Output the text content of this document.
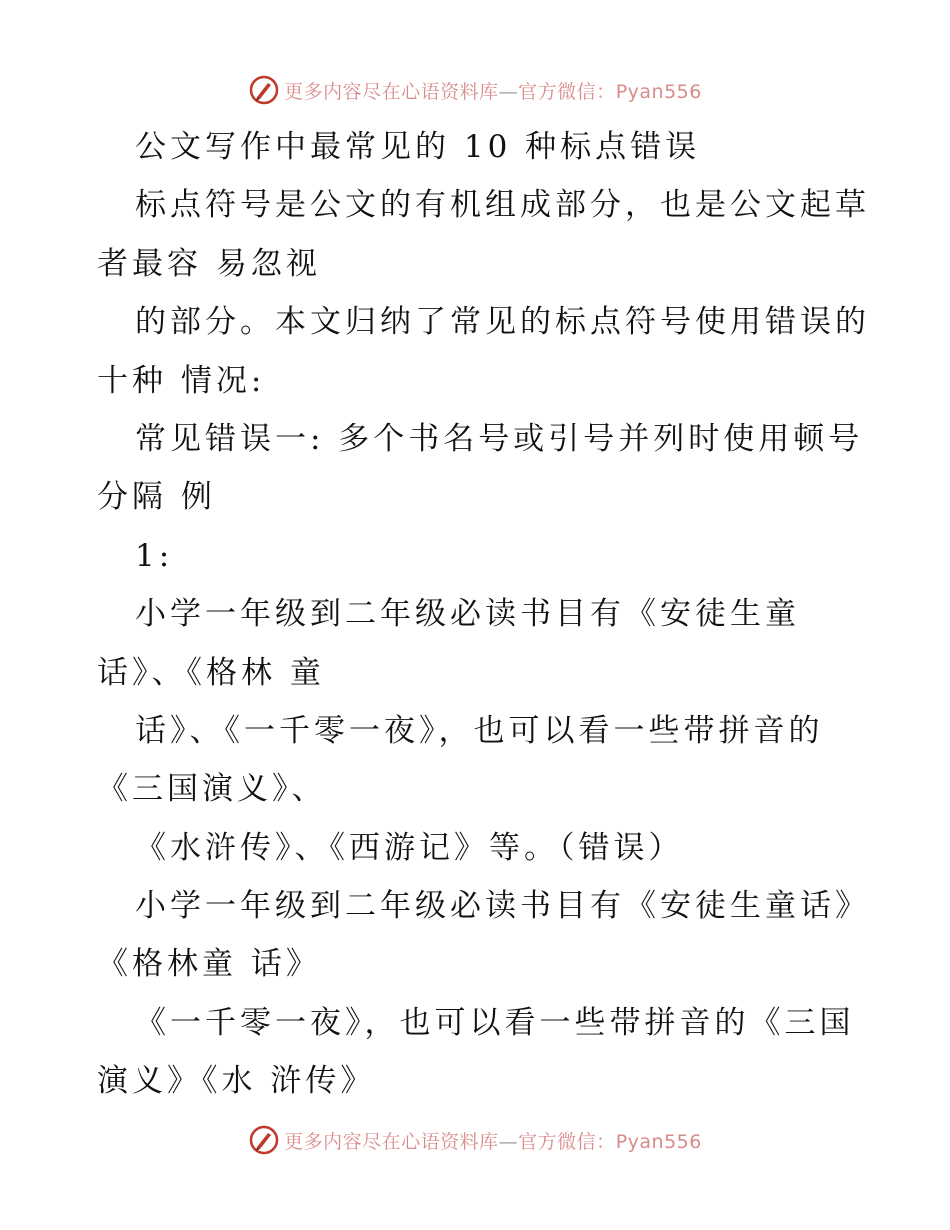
更多内容尽在心语资料库—官方微信：Pyan556
公文写作中最常见的 10 种标点错误
标点符号是公文的有机组成部分，也是公文起草
者最容 易忽视
的部分。本文归纳了常见的标点符号使用错误的
十种 情况:
常见错误一: 多个书名号或引号并列时使用顿号
分隔 例
1:
小学一年级到二年级必读书目有《安徒生童
话》、《格林 童
话》、《一千零一夜》，也可以看一些带拼音的
《三国演义》、
《水浒传》、《西游记》等。（错误）
小学一年级到二年级必读书目有《安徒生童话》
《格林童 话》
《一千零一夜》，也可以看一些带拼音的《三国
演义》《水 浒传》
更多内容尽在心语资料库—官方微信：Pyan556
